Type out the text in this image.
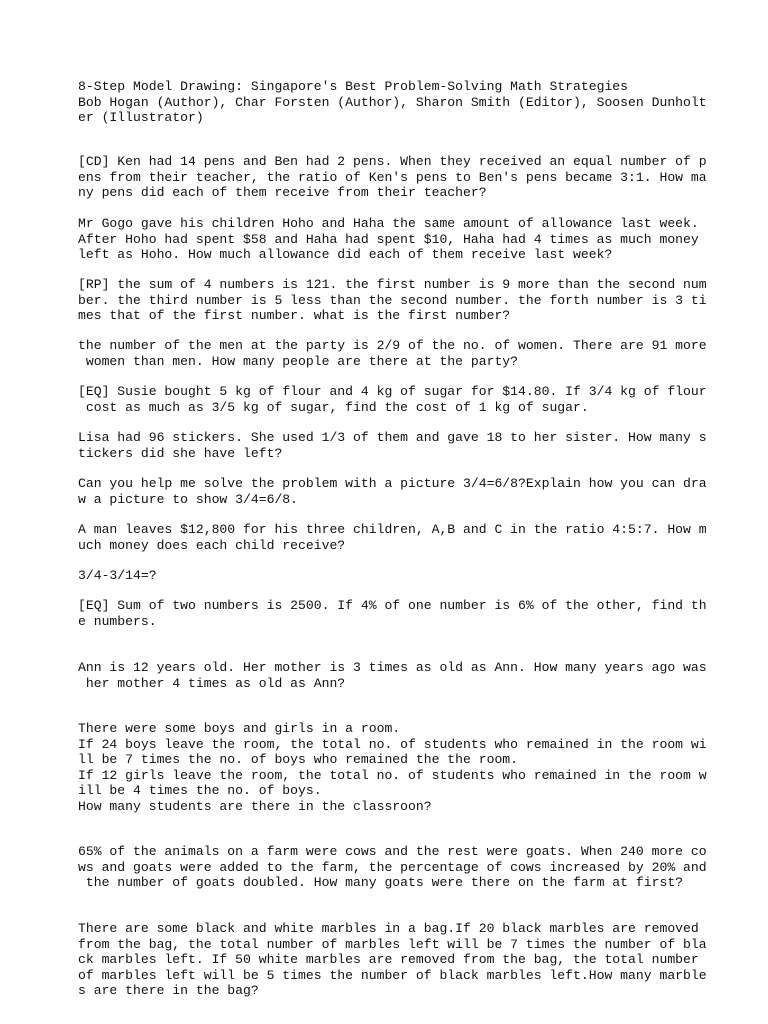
8-Step Model Drawing: Singapore's Best Problem-Solving Math Strategies

Bob Hogan (Author), Char Forsten (Author), Sharon Smith (Editor), Soosen Dunholt

er (Illustrator)

[CD] Ken had 14 pens and Ben had 2 pens. When they received an equal number of p

ens from their teacher, the ratio of Ken's pens to Ben's pens became 3:1. How ma

ny pens did each of them receive from their teacher?

Mr Gogo gave his children Hoho and Haha the same amount of allowance last week.

After Hoho had spent $58 and Haha had spent $10, Haha had 4 times as much money

left as Hoho. How much allowance did each of them receive last week?

[RP] the sum of 4 numbers is 121. the first number is 9 more than the second num

ber. the third number is 5 less than the second number. the forth number is 3 ti

mes that of the first number. what is the first number?

the number of the men at the party is 2/9 of the no. of women. There are 91 more

women than men. How many people are there at the party?

[EQ] Susie bought 5 kg of flour and 4 kg of sugar for $14.80. If 3/4 kg of flour

cost as much as 3/5 kg of sugar, find the cost of 1 kg of sugar.

Lisa had 96 stickers. She used 1/3 of them and gave 18 to her sister. How many s

tickers did she have left?

Can you help me solve the problem with a picture 3/4=6/8?Explain how you can dra

w a picture to show 3/4=6/8.

A man leaves $12,800 for his three children, A,B and C in the ratio 4:5:7. How m

uch money does each child receive?

3/4-3/14=?

[EQ] Sum of two numbers is 2500. If 4% of one number is 6% of the other, find th

e numbers.

Ann is 12 years old. Her mother is 3 times as old as Ann. How many years ago was

her mother 4 times as old as Ann?

There were some boys and girls in a room.

If 24 boys leave the room, the total no. of students who remained in the room wi

ll be 7 times the no. of boys who remained the the room.

If 12 girls leave the room, the total no. of students who remained in the room w

ill be 4 times the no. of boys.

How many students are there in the classroon?

65% of the animals on a farm were cows and the rest were goats. When 240 more co

ws and goats were added to the farm, the percentage of cows increased by 20% and

the number of goats doubled. How many goats were there on the farm at first?

There are some black and white marbles in a bag.If 20 black marbles are removed

from the bag, the total number of marbles left will be 7 times the number of bla

ck marbles left. If 50 white marbles are removed from the bag, the total number

of marbles left will be 5 times the number of black marbles left.How many marble

s are there in the bag?
